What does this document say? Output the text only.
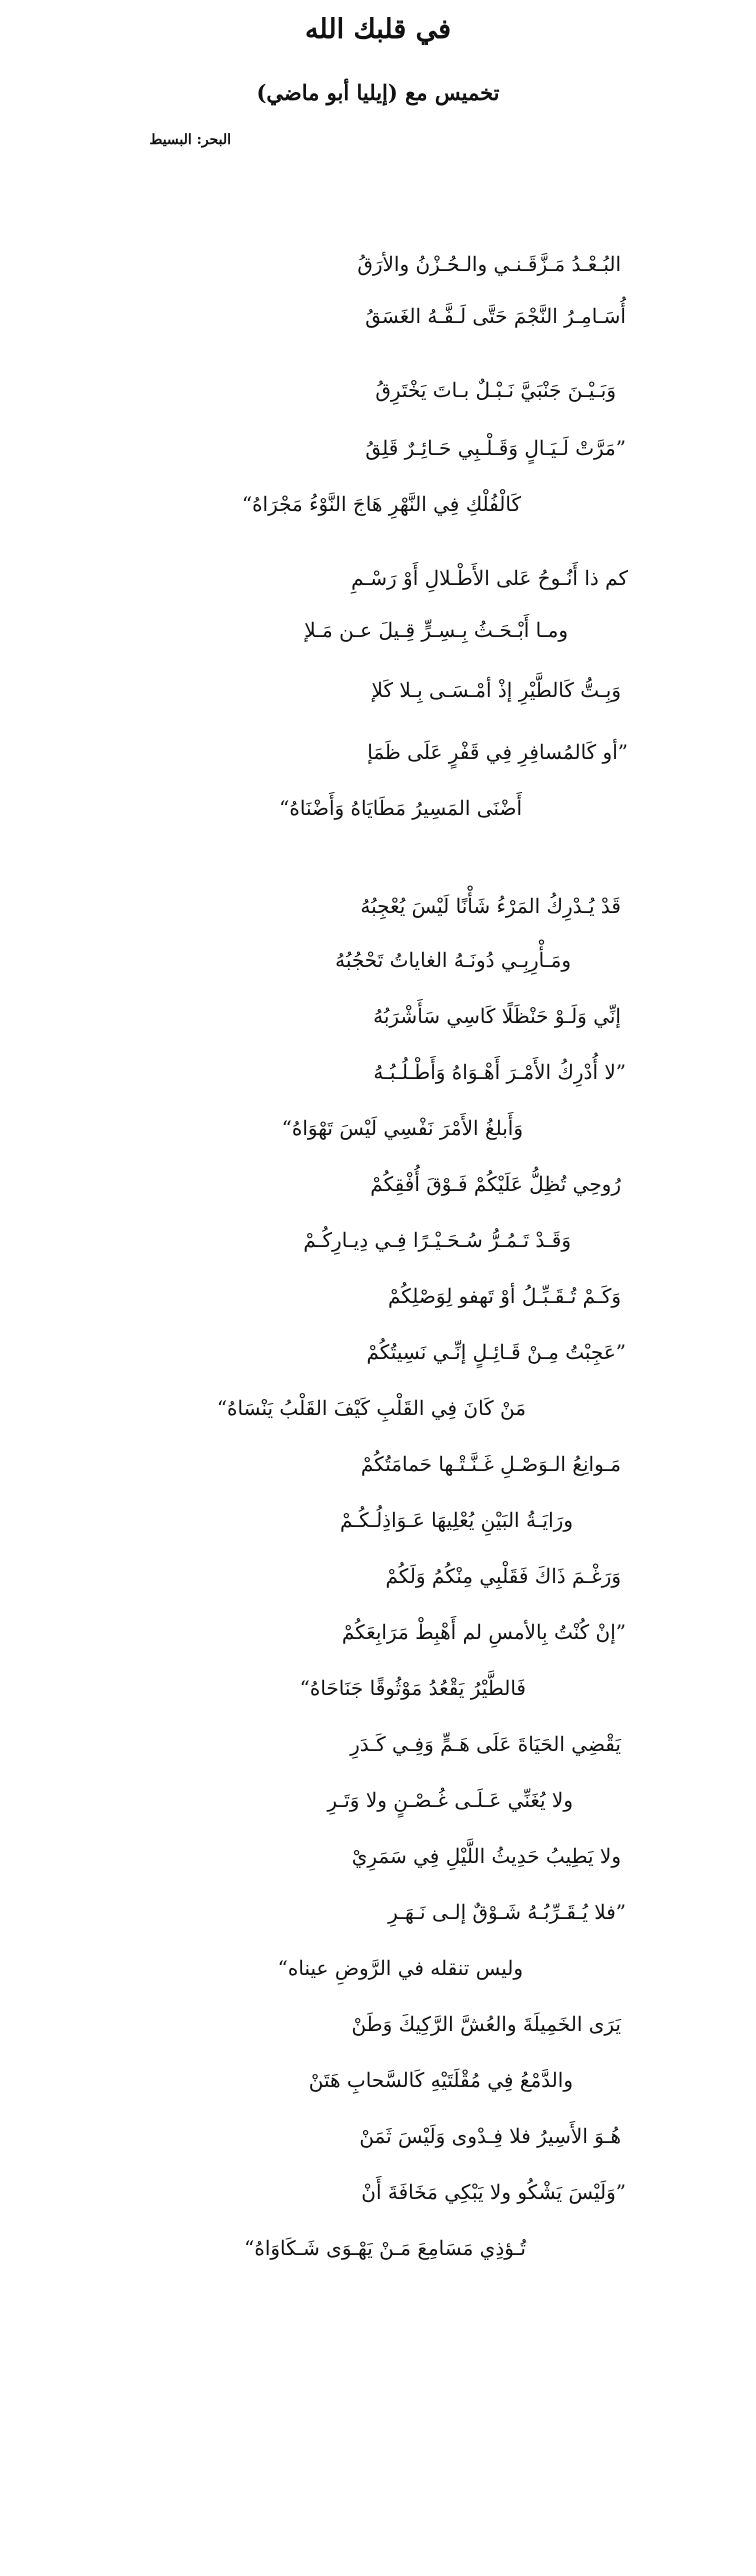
في قلبك الله
تخميس مع (إيليا أبو ماضي)

البحر: البسيط

البُـعْـدُ مَـزَّقَـنـي والـحُـزْنُ والأرَقُ
أُسَـامِـرُ النَّجْمَ حَتَّى لَـفَّـهُ الغَسَقُ
وَبَـيْـنَ جَنْبَيَّ نَـبْـلٌ بـاتَ يَخْتَرِقُ
”مَرَّتْ لَـيَـالٍ وَقَـلْـبِي حَـائِـرٌ قَلِقُ
كَالْفُلْكِ فِي النَّهْرِ هَاجَ النَّوْءُ مَجْرَاهُ“
كم ذا أَنُـوحُ عَلى الأَطْـلالِ أَوْ رَسْـمِ
ومـا أَبْـحَـثُ بِـسِـرٍّ قِـيلَ عـن مَـلإ
وَبِـتُّ كَالطَّيْرِ إذْ أمْـسَـى بِـلا كَلإ
”أو كَالمُسافِرِ فِي قَفْرٍ عَلَى ظَمَإ
أَضْنَى المَسِيرُ مَطَايَاهُ وَأَضْنَاهُ“
قَدْ يُـدْرِكُ المَرْءُ شَأْنًا لَيْسَ يُعْجِبُهُ
ومَـأْرِبِـي دُونَـهُ الغاياتُ تَحْجُبُهُ
إنِّي وَلَـوْ حَنْظَلًا كَاسِي سَأَشْرَبُهُ
”لا أُدْرِكُ الأَمْـرَ أَهْـوَاهُ وَأَطْـلُـبُـهُ
وَأَبلغُ الأَمْرَ نَفْسِي لَيْسَ تَهْوَاهُ“
رُوحِي تُظِلُّ عَلَيْكُمْ فَـوْقَ أُفْقِكُمْ
وَقَـدْ تَـمُـرُّ سُـحَـيْـرًا فِـي دِيـارِكُـمْ
وَكَـمْ تُـقَـبِّـلُ أوْ تَهفو لِوَصْلِكُمْ
”عَجِبْتُ مِـنْ قَـائِـلٍ إنِّـي نَسِيتُكُمْ
مَنْ كَانَ فِي القَلْبِ كَيْفَ القَلْبُ يَنْسَاهُ“
مَـوانِعُ الـوَصْـلِ غَـنَّـتْـها حَمامَتُكُمْ
ورَايَـةُ البَيْنِ يُعْلِيهَا عَـوَاذِلُـكُـمْ
وَرَغْـمَ ذَاكَ فَقَلْبِي مِنْكُمُ وَلَكُمْ
”إنْ كُنْتُ بِالأمسِ لم أَهْبِطْ مَرَابِعَكُمْ
فَالطَّيْرُ يَقْعُدُ مَوْثُوقًا جَنَاحَاهُ“
يَقْضِي الحَيَاةَ عَلَى هَـمٍّ وَفِـي كَـدَرِ
ولا يُغَنِّي عَـلَـى غُـصْـنٍ ولا وَتَـرِ
ولا يَطِيبُ حَدِيثُ اللَّيْلِ فِي سَمَرِيْ
”فلا يُـقَـرِّبُـهُ شَـوْقٌ إلـى نَـهَـرِ
وليس تنقله في الرَّوضِ عيناه“
يَرَى الخَمِيلَةَ والعُشَّ الرَّكِيكَ وَطَنْ
والدَّمْعُ فِي مُقْلَتَيْهِ كَالسَّحابِ هَتَنْ
هُـوَ الأَسِيرُ فلا فِـدْوى وَلَيْسَ ثَمَنْ
”وَلَيْسَ يَشْكُو ولا يَبْكِي مَخَافَةَ أَنْ
تُـؤذِي مَسَامِعَ مَـنْ يَهْـوَى شَـكَاوَاهُ“
